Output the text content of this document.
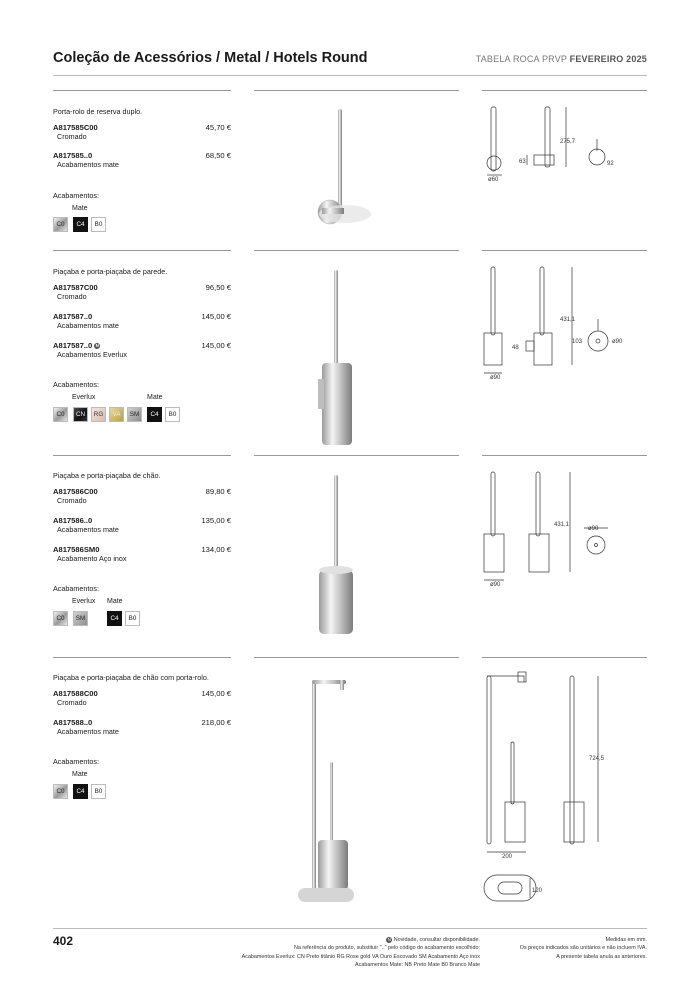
Coleção de Acessórios / Metal / Hotels Round	TABELA ROCA PRVP FEVEREIRO 2025
Porta-rolo de reserva duplo.
A817585C00
Cromado
45,70 €
A817585..0
Acabamentos mate
68,50 €
Acabamentos:
Mate
C0	C4	B0
Piaçaba e porta-piaçaba de parede.
A817587C00
Cromado
96,50 €
A817587..0
Acabamentos mate
145,00 €
A817587..0 N
Acabamentos Everlux
145,00 €
Acabamentos:
Everlux	Mate
C0	CN	RG	VA	SM	C4	B0
Piaçaba e porta-piaçaba de chão.
A817586C00
Cromado
89,80 €
A817586..0
Acabamentos mate
135,00 €
A817586SM0
Acabamento Aço inox
134,00 €
Acabamentos:
Everlux Mate
C0	SM	C4	B0
Piaçaba e porta-piaçaba de chão com porta-rolo.
A817588C00
Cromado
145,00 €
A817588..0
Acabamentos mate
218,00 €
Acabamentos:
Mate
C0	C4	B0
ø60
275,7
63	92
ø90
48
431,1
103	ø90
ø90
431,1
ø90
724,5
200
120
402	N Novidade, consultar disponibilidade.
Na referência do produto, substituir ".." pelo código do acabamento escolhido:
Acabamentos Everlux: CN Preto titânio RG Rose gold VA Ouro Escovado SM Acabamento Aço inox
Acabamentos Mate: NB Preto Mate B0 Branco Mate
Medidas em mm.
Os preços indicados são unitários e não incluem IVA.
A presente tabela anula as anteriores.
